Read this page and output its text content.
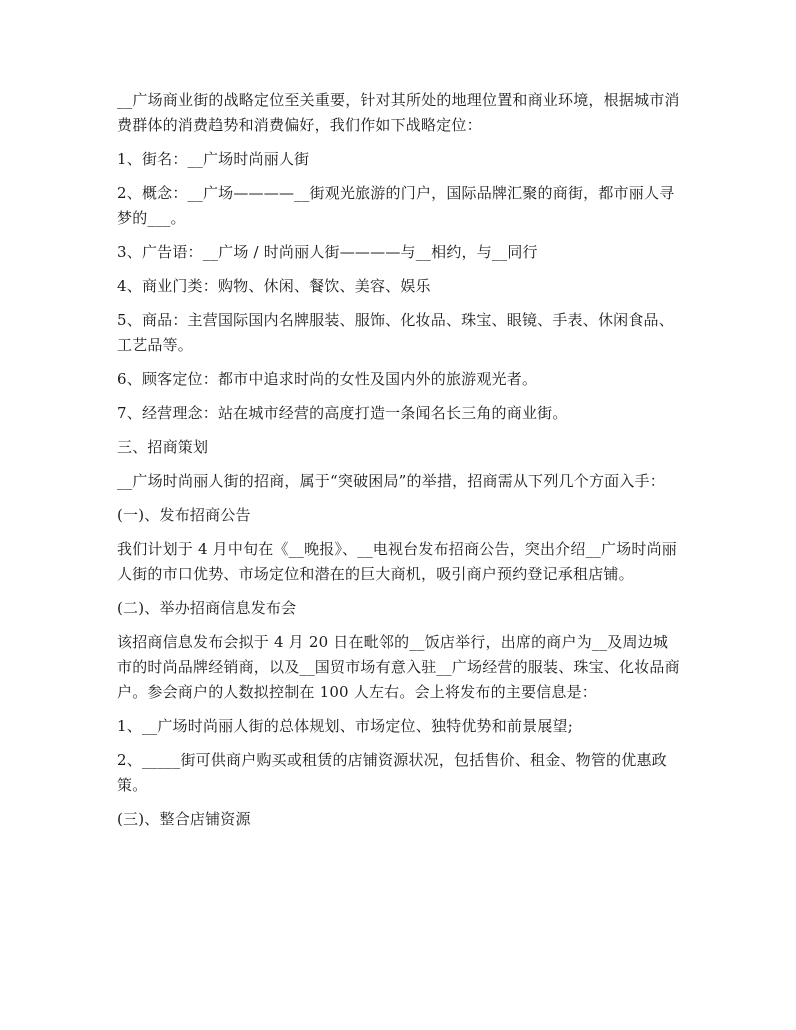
__广场商业街的战略定位至关重要，针对其所处的地理位置和商业环境，根据城市消费群体的消费趋势和消费偏好，我们作如下战略定位：

1、街名：__广场时尚丽人街

2、概念：__广场————__街观光旅游的门户，国际品牌汇聚的商街，都市丽人寻梦的___。

3、广告语：__广场 / 时尚丽人街————与__相约，与__同行

4、商业门类：购物、休闲、餐饮、美容、娱乐

5、商品：主营国际国内名牌服装、服饰、化妆品、珠宝、眼镜、手表、休闲食品、工艺品等。

6、顾客定位：都市中追求时尚的女性及国内外的旅游观光者。

7、经营理念：站在城市经营的高度打造一条闻名长三角的商业街。

三、招商策划

__广场时尚丽人街的招商，属于“突破困局”的举措，招商需从下列几个方面入手：

(一)、发布招商公告

我们计划于 4 月中旬在《__晚报》、__电视台发布招商公告，突出介绍__广场时尚丽人街的市口优势、市场定位和潜在的巨大商机，吸引商户预约登记承租店铺。

(二)、举办招商信息发布会

该招商信息发布会拟于 4 月 20 日在毗邻的__饭店举行，出席的商户为__及周边城市的时尚品牌经销商，以及__国贸市场有意入驻__广场经营的服装、珠宝、化妆品商户。参会商户的人数拟控制在 100 人左右。会上将发布的主要信息是：

1、__广场时尚丽人街的总体规划、市场定位、独特优势和前景展望;

2、_____街可供商户购买或租赁的店铺资源状况，包括售价、租金、物管的优惠政策。

(三)、整合店铺资源
